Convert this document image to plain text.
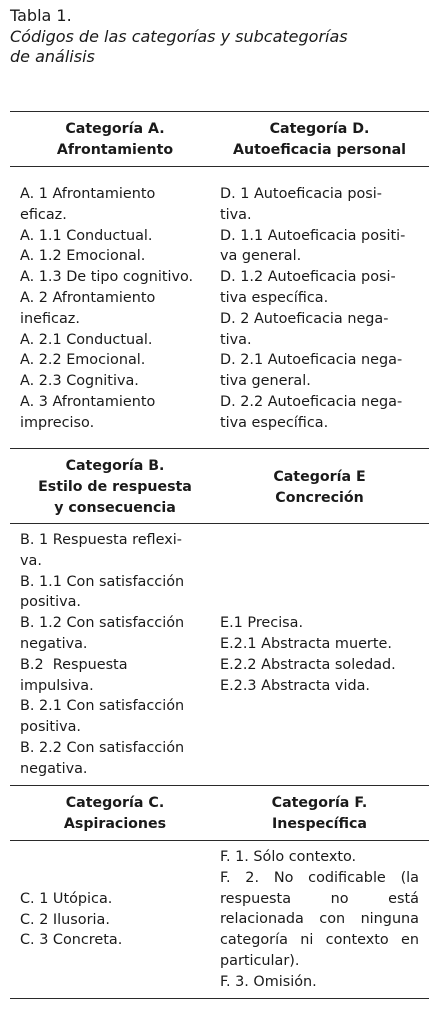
Tabla 1.
Códigos de las categorías y subcategorías
de análisis
Categoría A.
Afrontamiento
Categoría D.
Autoeficacia personal
A. 1 Afrontamiento
eficaz.
A. 1.1 Conductual.
A. 1.2 Emocional.
A. 1.3 De tipo cognitivo.
A. 2 Afrontamiento
ineficaz.
A. 2.1 Conductual.
A. 2.2 Emocional.
A. 2.3 Cognitiva.
A. 3 Afrontamiento
impreciso.
D. 1 Autoeficacia posi-
tiva.
D. 1.1 Autoeficacia positi-
va general.
D. 1.2 Autoeficacia posi-
tiva específica.
D. 2 Autoeficacia nega-
tiva.
D. 2.1 Autoeficacia nega-
tiva general.
D. 2.2 Autoeficacia nega-
tiva específica.
Categoría B.
Estilo de respuesta
y consecuencia
Categoría E
Concreción
B. 1 Respuesta reflexi-
va.
B. 1.1 Con satisfacción
positiva.
B. 1.2 Con satisfacción
negativa.
B.2  Respuesta
impulsiva.
B. 2.1 Con satisfacción
positiva.
B. 2.2 Con satisfacción
negativa.
E.1 Precisa.
E.2.1 Abstracta muerte.
E.2.2 Abstracta soledad.
E.2.3 Abstracta vida.
Categoría C.
Aspiraciones
Categoría F.
Inespecífica
C. 1 Utópica.
C. 2 Ilusoria.
C. 3 Concreta.
F. 1. Sólo contexto.
F. 2. No codificable (la respuesta no está relacionada con ninguna categoría ni contexto en particular).
F. 3. Omisión.
